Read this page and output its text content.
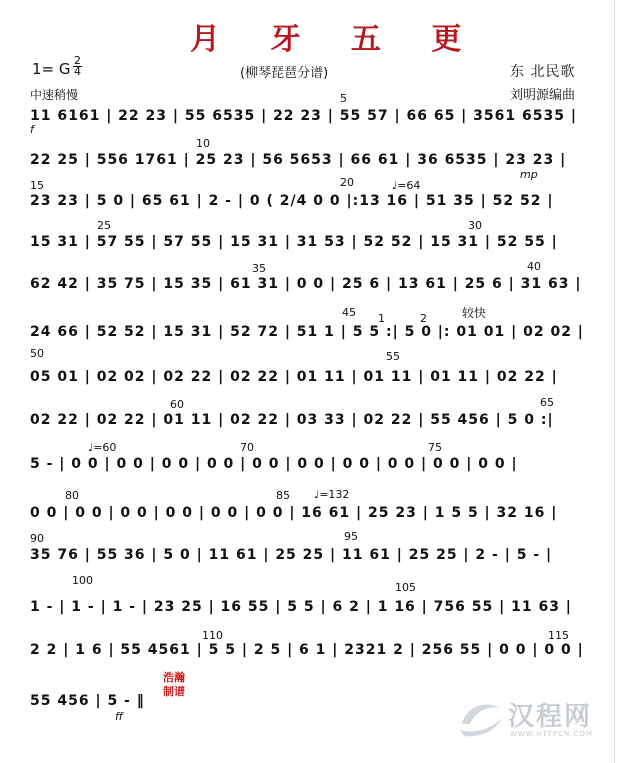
月 牙 五 更
1= G 2
4	(柳琴琵琶分谱)	东 北民歌
中速稍慢	刘明源编曲
11 6161 | 22 23 | 55 6535 | 22 23 | 55 57 | 66 65 | 3561 6535 |
22 25 | 556 1761 | 25 23 | 56 5653 | 66 61 | 36 6535 | 23 23 |
23 23 | 5 0 | 65 61 | 2 - | 0 ( 2/4 0 0 |:13 16 | 51 35 | 52 52 |
15 31 | 57 55 | 57 55 | 15 31 | 31 53 | 52 52 | 15 31 | 52 55 |
62 42 | 35 75 | 15 35 | 61 31 | 0 0 | 25 6 | 13 61 | 25 6 | 31 63 |
24 66 | 52 52 | 15 31 | 52 72 | 51 1 | 5 5 :| 5 0 |: 01 01 | 02 02 |
05 01 | 02 02 | 02 22 | 02 22 | 01 11 | 01 11 | 01 11 | 02 22 |
02 22 | 02 22 | 01 11 | 02 22 | 03 33 | 02 22 | 55 456 | 5 0 :|
5 - | 0 0 | 0 0 | 0 0 | 0 0 | 0 0 | 0 0 | 0 0 | 0 0 | 0 0 | 0 0 |
0 0 | 0 0 | 0 0 | 0 0 | 0 0 | 0 0 | 16 61 | 25 23 | 1 5 5 | 32 16 |
35 76 | 55 36 | 5 0 | 11 61 | 25 25 | 11 61 | 25 25 | 2 - | 5 - |
1 - | 1 - | 1 - | 23 25 | 16 55 | 5 5 | 6 2 | 1 16 | 756 55 | 11 63 |
2 2 | 1 6 | 55 4561 | 5 5 | 2 5 | 6 1 | 2321 2 | 256 55 | 0 0 | 0 0 |
55 456 | 5 - ‖
5
10
15	20
25	30
35	40
45
50	55
60	65
70	75
80	85
90	95
100
105
110	115
♩=64
♩=60
♩=132
较快
f
mp
ff
1	2
浩瀚制谱
汉程网
WWW.HTTPCN.COM
